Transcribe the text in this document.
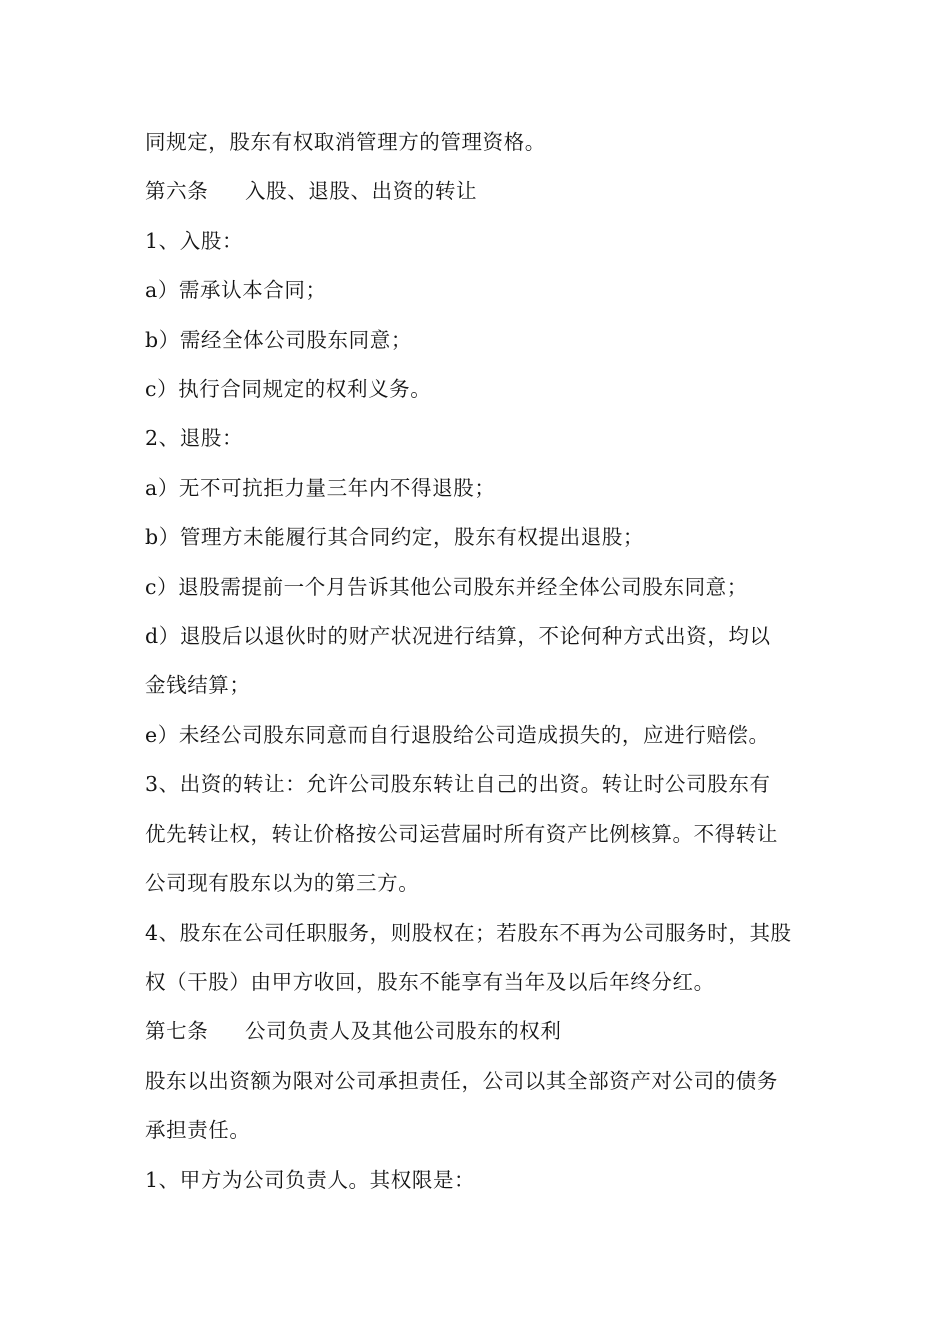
同规定，股东有权取消管理方的管理资格。

第六条 入股、退股、出资的转让

1、入股：

a）需承认本合同；

b）需经全体公司股东同意；

c）执行合同规定的权利义务。

2、退股：

a）无不可抗拒力量三年内不得退股；

b）管理方未能履行其合同约定，股东有权提出退股；

c）退股需提前一个月告诉其他公司股东并经全体公司股东同意；

d）退股后以退伙时的财产状况进行结算，不论何种方式出资，均以

金钱结算；

e）未经公司股东同意而自行退股给公司造成损失的，应进行赔偿。

3、出资的转让：允许公司股东转让自己的出资。转让时公司股东有

优先转让权，转让价格按公司运营届时所有资产比例核算。不得转让

公司现有股东以为的第三方。

4、股东在公司任职服务，则股权在；若股东不再为公司服务时，其股

权（干股）由甲方收回，股东不能享有当年及以后年终分红。

第七条 公司负责人及其他公司股东的权利

股东以出资额为限对公司承担责任，公司以其全部资产对公司的债务

承担责任。

1、甲方为公司负责人。其权限是：
